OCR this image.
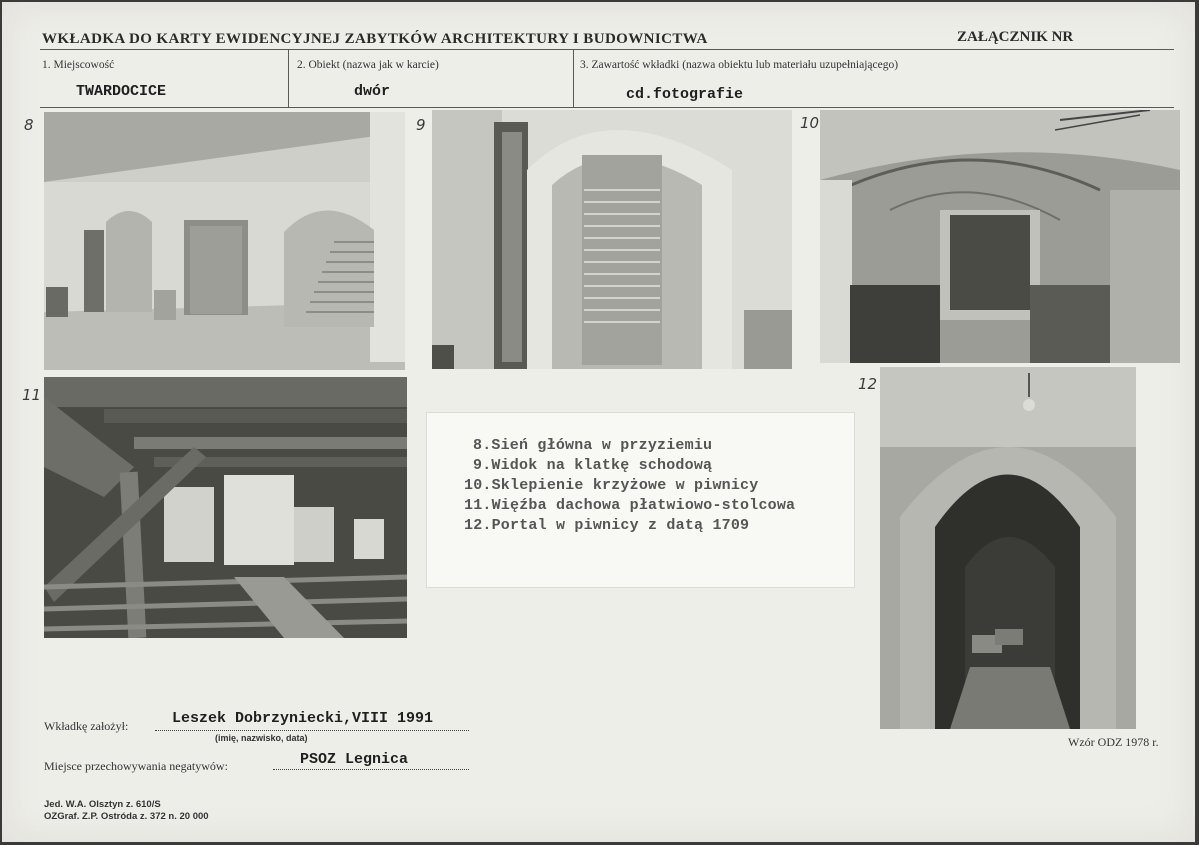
WKŁADKA DO KARTY EWIDENCYJNEJ ZABYTKÓW ARCHITEKTURY I BUDOWNICTWA	ZAŁĄCZNIK NR
1. Miejscowość
TWARDOCICE
2. Obiekt (nazwa jak w karcie)
dwór
3. Zawartość wkładki (nazwa obiektu lub materiału uzupełniającego)
cd.fotografie
8	9	10
11
8.Sień główna w przyziemiu
9.Widok na klatkę schodową
10.Sklepienie krzyżowe w piwnicy
11.Więźba dachowa płatwiowo-stolcowa
12.Portal w piwnicy z datą 1709
12
Wkładkę założył:	Leszek Dobrzyniecki,VIII 1991
(imię, nazwisko, data)
Miejsce przechowywania negatywów:	PSOZ Legnica
Wzór ODZ 1978 r.
Jed. W.A. Olsztyn z. 610/S
OZGraf. Z.P. Ostróda z. 372 n. 20 000
